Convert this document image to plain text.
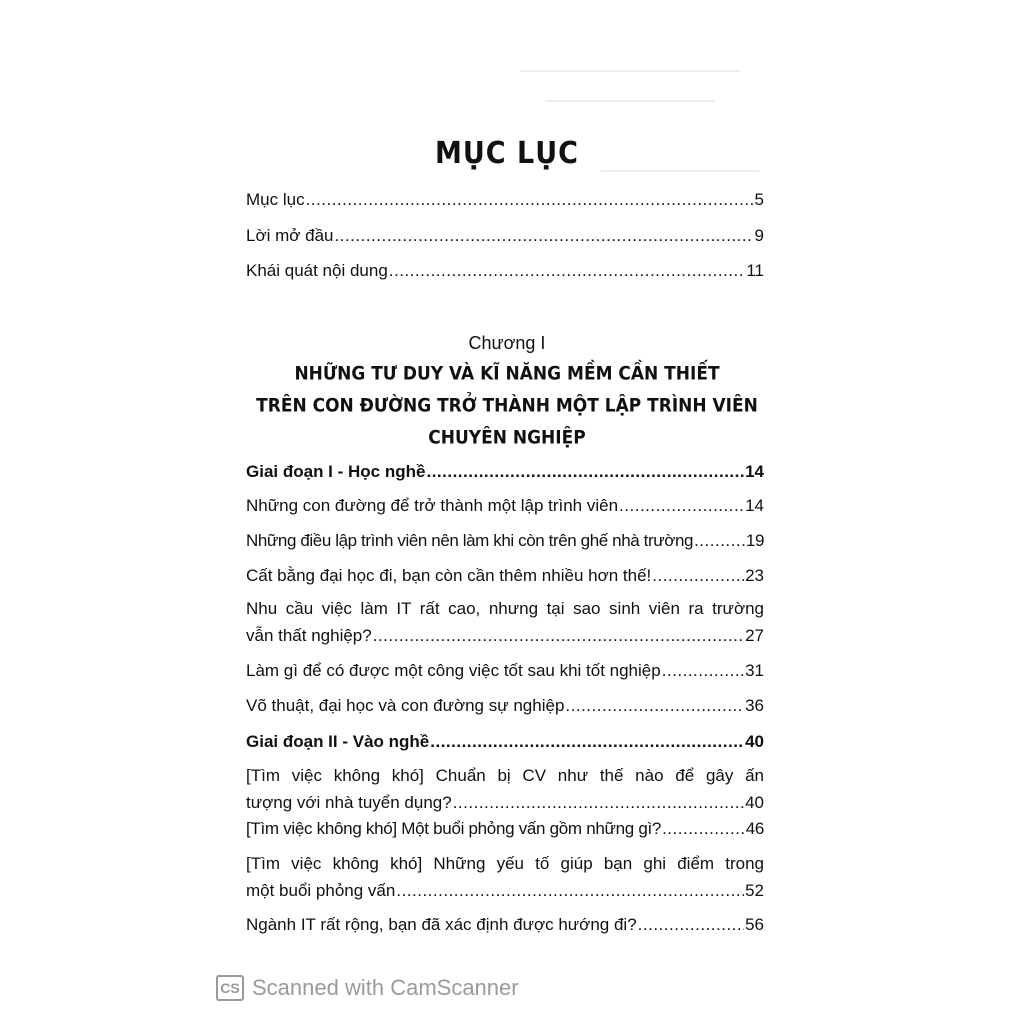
MỤC LỤC
Mục lục .....	5
Lời mở đầu .....	9
Khái quát nội dung .....	11
Chương I
NHỮNG TƯ DUY VÀ KĨ NĂNG MỀM CẦN THIẾT
TRÊN CON ĐƯỜNG TRỞ THÀNH MỘT LẬP TRÌNH VIÊN
CHUYÊN NGHIỆP
Giai đoạn I - Học nghề .....	14
Những con đường để trở thành một lập trình viên .....	14
Những điều lập trình viên nên làm khi còn trên ghế nhà trường .....	19
Cất bằng đại học đi, bạn còn cần thêm nhiều hơn thế! .....	23
Nhu cầu việc làm IT rất cao, nhưng tại sao sinh viên ra trường
vẫn thất nghiệp? .....	27
Làm gì để có được một công việc tốt sau khi tốt nghiệp .....	31
Võ thuật, đại học và con đường sự nghiệp .....	36
Giai đoạn II - Vào nghề .....	40
[Tìm việc không khó] Chuẩn bị CV như thế nào để gây ấn
tượng với nhà tuyển dụng? .....	40
[Tìm việc không khó] Một buổi phỏng vấn gồm những gì? .....	46
[Tìm việc không khó] Những yếu tố giúp bạn ghi điểm trong
một buổi phỏng vấn .....	52
Ngành IT rất rộng, bạn đã xác định được hướng đi? .....	56
CS Scanned with CamScanner
